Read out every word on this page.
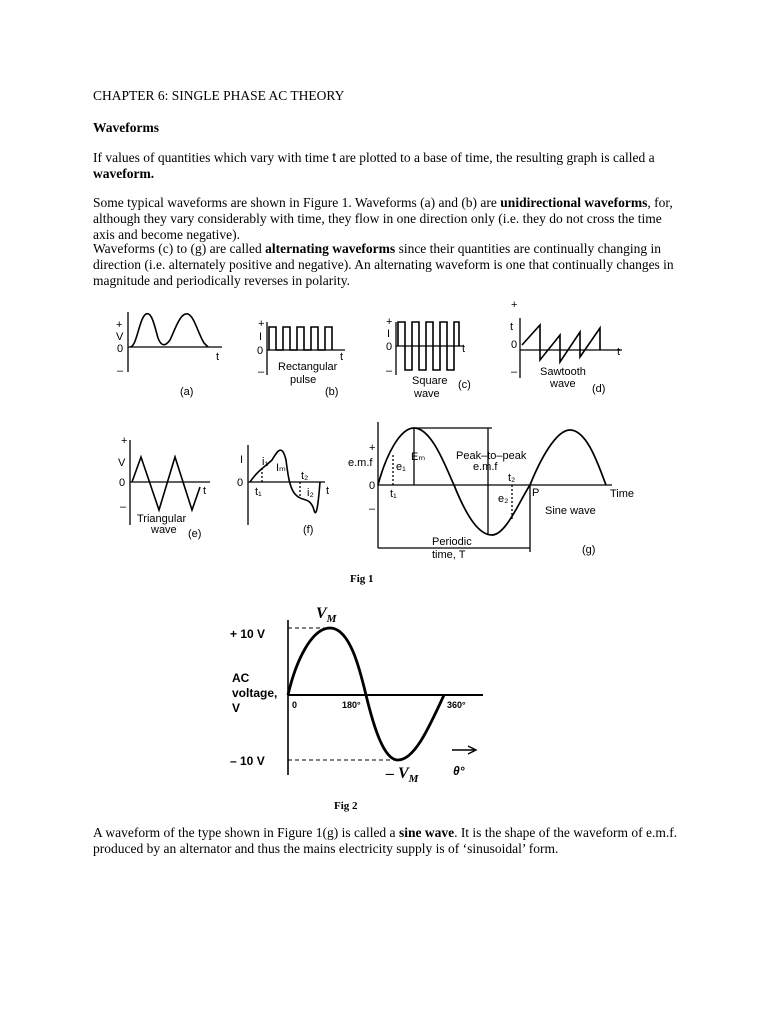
CHAPTER 6: SINGLE PHASE AC THEORY

Waveforms

If values of quantities which vary with time t are plotted to a base of time, the resulting graph is called a waveform.

Some typical waveforms are shown in Figure 1. Waveforms (a) and (b) are unidirectional waveforms, for, although they vary considerably with time, they flow in one direction only (i.e. they do not cross the time axis and become negative).

Waveforms (c) to (g) are called alternating waveforms since their quantities are continually changing in direction (i.e. alternately positive and negative). An alternating waveform is one that continually changes in magnitude and periodically reverses in polarity.

+
V
0
–
t
(a)
+
I
0
–
t
Rectangular
pulse
(b)
+
I
0
–
t
Square
wave
(c)
+
t
0
–
t
Sawtooth
wave (d)
+
V
0
–
t
Triangular
wave (e)
I
0
t
i₁ Iₘ
t₂
t₁	i₂
(f)
+
e.m.f
0
–
Eₘ
e₁
t₁
Peak–to–peak
e.m.f
t₂
e₂ P	Time
Sine wave
Periodic
time, T	(g)
Fig 1
$V_M$
+ 10 V
AC
voltage,
V	0	180°	360°
θ°
– 10 V
– $V_M$
Fig 2

A waveform of the type shown in Figure 1(g) is called a sine wave. It is the shape of the waveform of e.m.f. produced by an alternator and thus the mains electricity supply is of ‘sinusoidal’ form.
